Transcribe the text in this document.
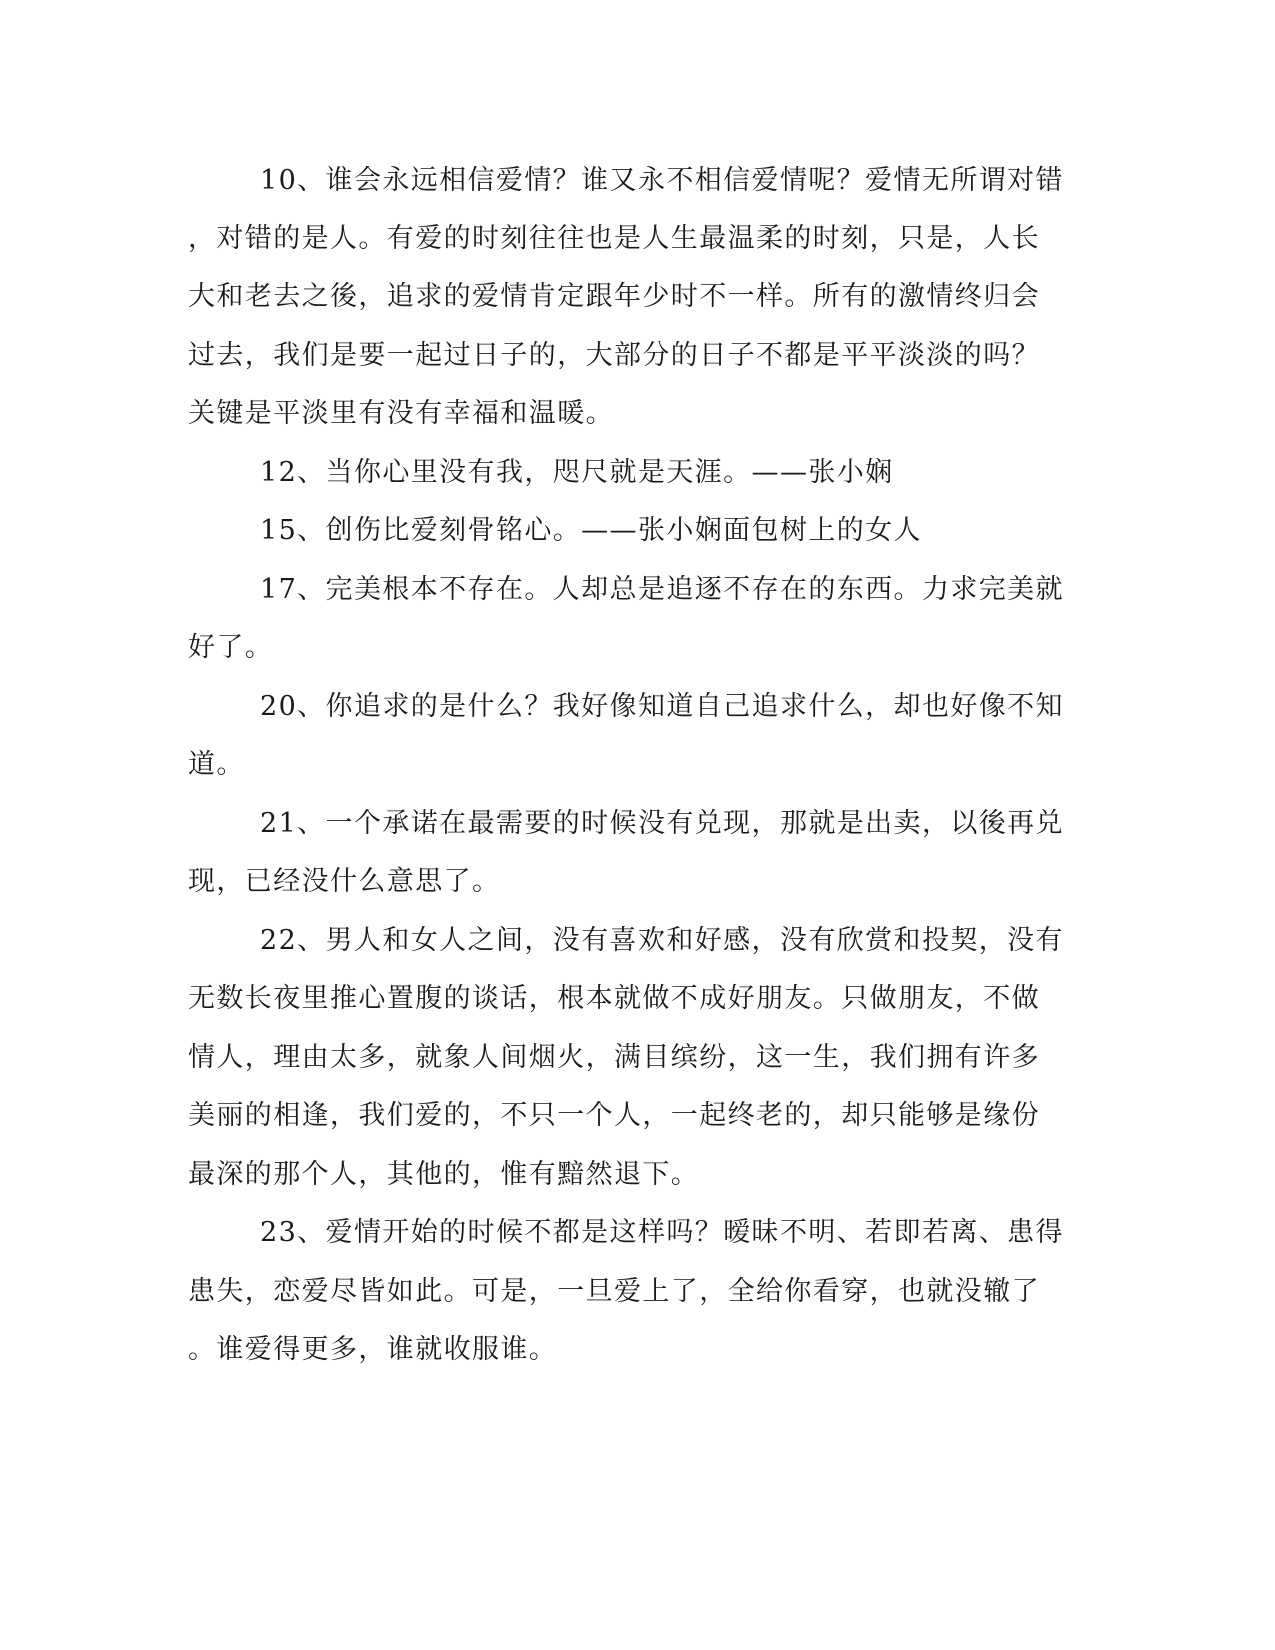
10、谁会永远相信爱情？谁又永不相信爱情呢？爱情无所谓对错
，对错的是人。有爱的时刻往往也是人生最温柔的时刻，只是，人长
大和老去之後，追求的爱情肯定跟年少时不一样。所有的激情终归会
过去，我们是要一起过日子的，大部分的日子不都是平平淡淡的吗？
关键是平淡里有没有幸福和温暖。
12、当你心里没有我，咫尺就是天涯。——张小娴
15、创伤比爱刻骨铭心。——张小娴面包树上的女人
17、完美根本不存在。人却总是追逐不存在的东西。力求完美就
好了。
20、你追求的是什么？我好像知道自己追求什么，却也好像不知
道。
21、一个承诺在最需要的时候没有兑现，那就是出卖，以後再兑
现，已经没什么意思了。
22、男人和女人之间，没有喜欢和好感，没有欣赏和投契，没有
无数长夜里推心置腹的谈话，根本就做不成好朋友。只做朋友，不做
情人，理由太多，就象人间烟火，满目缤纷，这一生，我们拥有许多
美丽的相逢，我们爱的，不只一个人，一起终老的，却只能够是缘份
最深的那个人，其他的，惟有黯然退下。
23、爱情开始的时候不都是这样吗？暧昧不明、若即若离、患得
患失，恋爱尽皆如此。可是，一旦爱上了，全给你看穿，也就没辙了
。谁爱得更多，谁就收服谁。
